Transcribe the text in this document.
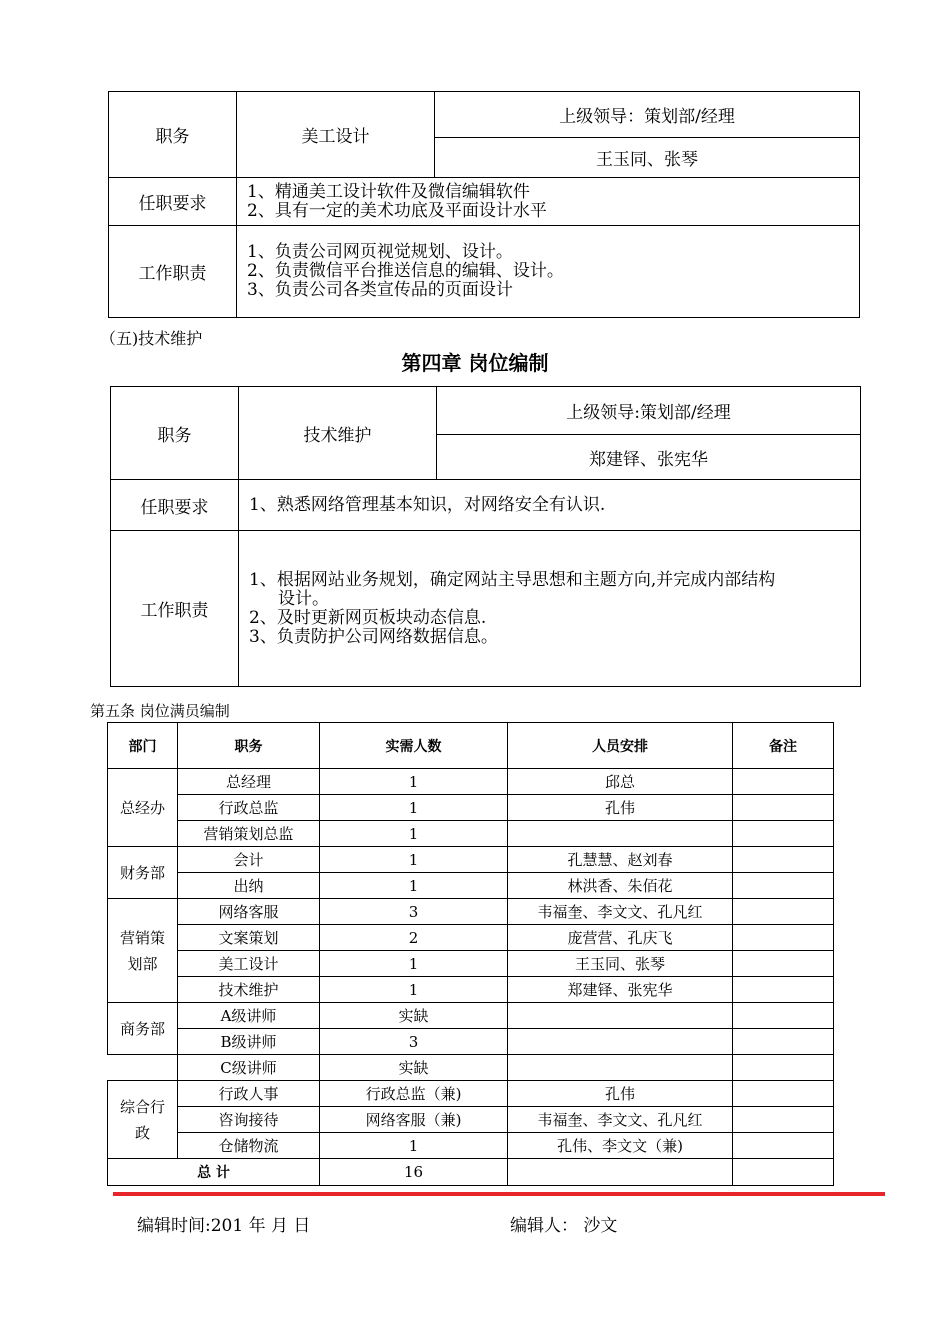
职务	美工设计	上级领导：策划部/经理
		王玉同、张琴
任职要求	1、精通美工设计软件及微信编辑软件
2、具有一定的美术功底及平面设计水平	

工作职责	1、负责公司网页视觉规划、设计。
2、负责微信平台推送信息的编辑、设计。
3、负责公司各类宣传品的页面设计	
（五)技术维护
第四章 岗位编制
职务	技术维护	上级领导:策划部/经理
		郑建铎、张宪华
任职要求	1、熟悉网络管理基本知识，对网络安全有认识.	
工作职责	1、根据网站业务规划，确定网站主导思想和主题方向,并完成内部结构
设计。
2、及时更新网页板块动态信息.
3、负责防护公司网络数据信息。	
第五条 岗位满员编制
部门	职务	实需人数	人员安排	备注
总经办	总经理	1	邱总	
	行政总监	1	孔伟	
	营销策划总监	1		
财务部	会计	1	孔慧慧、赵刘春	
	出纳	1	林洪香、朱佰花	

营销策
划部	网络客服	3	韦福奎、李文文、孔凡红	
	文案策划	2	庞营营、孔庆飞	
	美工设计	1	王玉同、张琴	
	技术维护	1	郑建铎、张宪华	
商务部	A级讲师	实缺		
	B级讲师	3		
	C级讲师	实缺		

综合行
政	行政人事	行政总监（兼)	孔伟	
	咨询接待	网络客服（兼)	韦福奎、李文文、孔凡红	
	仓储物流	1	孔伟、李文文（兼)	
总 计		16		
编辑时间:201 年 月 日	编辑人： 沙文
